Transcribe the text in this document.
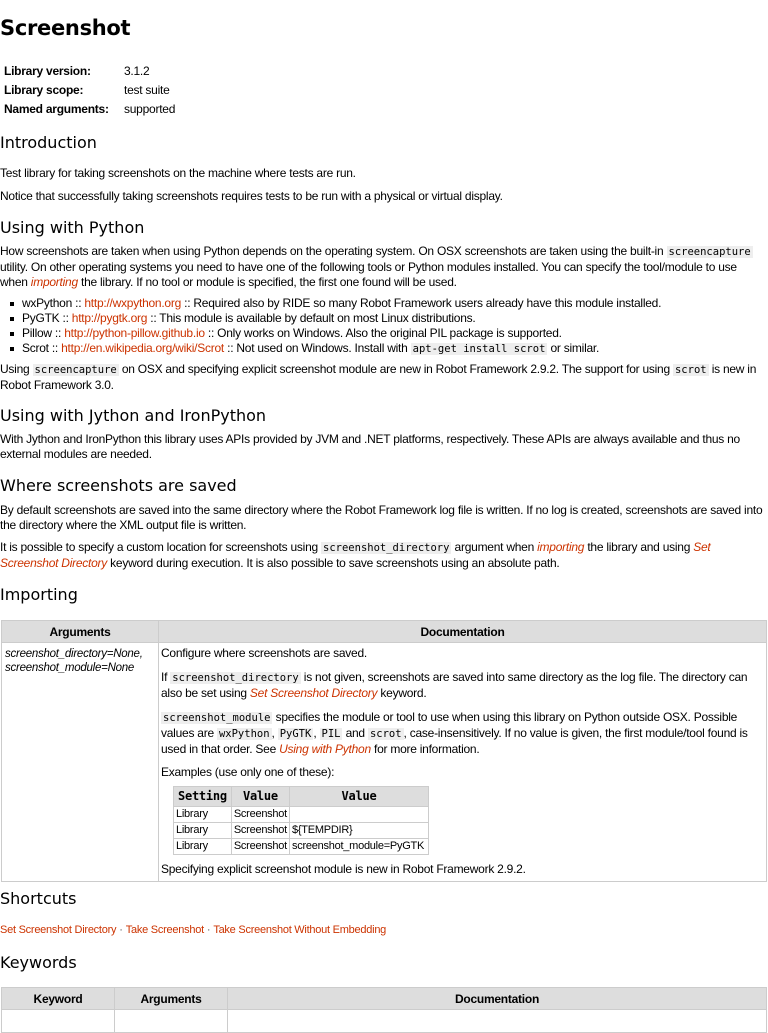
Screenshot
Library version:	3.1.2
Library scope:	test suite
Named arguments:	supported
Introduction

Test library for taking screenshots on the machine where tests are run.

Notice that successfully taking screenshots requires tests to be run with a physical or virtual display.

Using with Python

How screenshots are taken when using Python depends on the operating system. On OSX screenshots are taken using the built-in screencapture utility. On other operating systems you need to have one of the following tools or Python modules installed. You can specify the tool/module to use when importing the library. If no tool or module is specified, the first one found will be used.

wxPython :: http://wxpython.org :: Required also by RIDE so many Robot Framework users already have this module installed.
PyGTK :: http://pygtk.org :: This module is available by default on most Linux distributions.
Pillow :: http://python-pillow.github.io :: Only works on Windows. Also the original PIL package is supported.
Scrot :: http://en.wikipedia.org/wiki/Scrot :: Not used on Windows. Install with apt-get install scrot or similar.

Using screencapture on OSX and specifying explicit screenshot module are new in Robot Framework 2.9.2. The support for using scrot is new in Robot Framework 3.0.

Using with Jython and IronPython

With Jython and IronPython this library uses APIs provided by JVM and .NET platforms, respectively. These APIs are always available and thus no external modules are needed.

Where screenshots are saved

By default screenshots are saved into the same directory where the Robot Framework log file is written. If no log is created, screenshots are saved into the directory where the XML output file is written.

It is possible to specify a custom location for screenshots using screenshot_directory argument when importing the library and using Set Screenshot Directory keyword during execution. It is also possible to save screenshots using an absolute path.

Importing
Arguments	Documentation
screenshot_directory=None, screenshot_module=None	
Configure where screenshots are saved.
If screenshot_directory is not given, screenshots are saved into same directory as the log file. The directory can also be set using Set Screenshot Directory keyword.
screenshot_module specifies the module or tool to use when using this library on Python outside OSX. Possible values are wxPython , PyGTK , PIL and scrot , case-insensitively. If no value is given, the first module/tool found is used in that order. See Using with Python for more information.
Examples (use only one of these):
Setting	Value	Value
Library	Screenshot	
Library	Screenshot	${TEMPDIR}
Library	Screenshot	screenshot_module=PyGTK
Specifying explicit screenshot module is new in Robot Framework 2.9.2.
Shortcuts
Set Screenshot Directory · Take Screenshot · Take Screenshot Without Embedding
Keywords
Keyword	Arguments	Documentation
